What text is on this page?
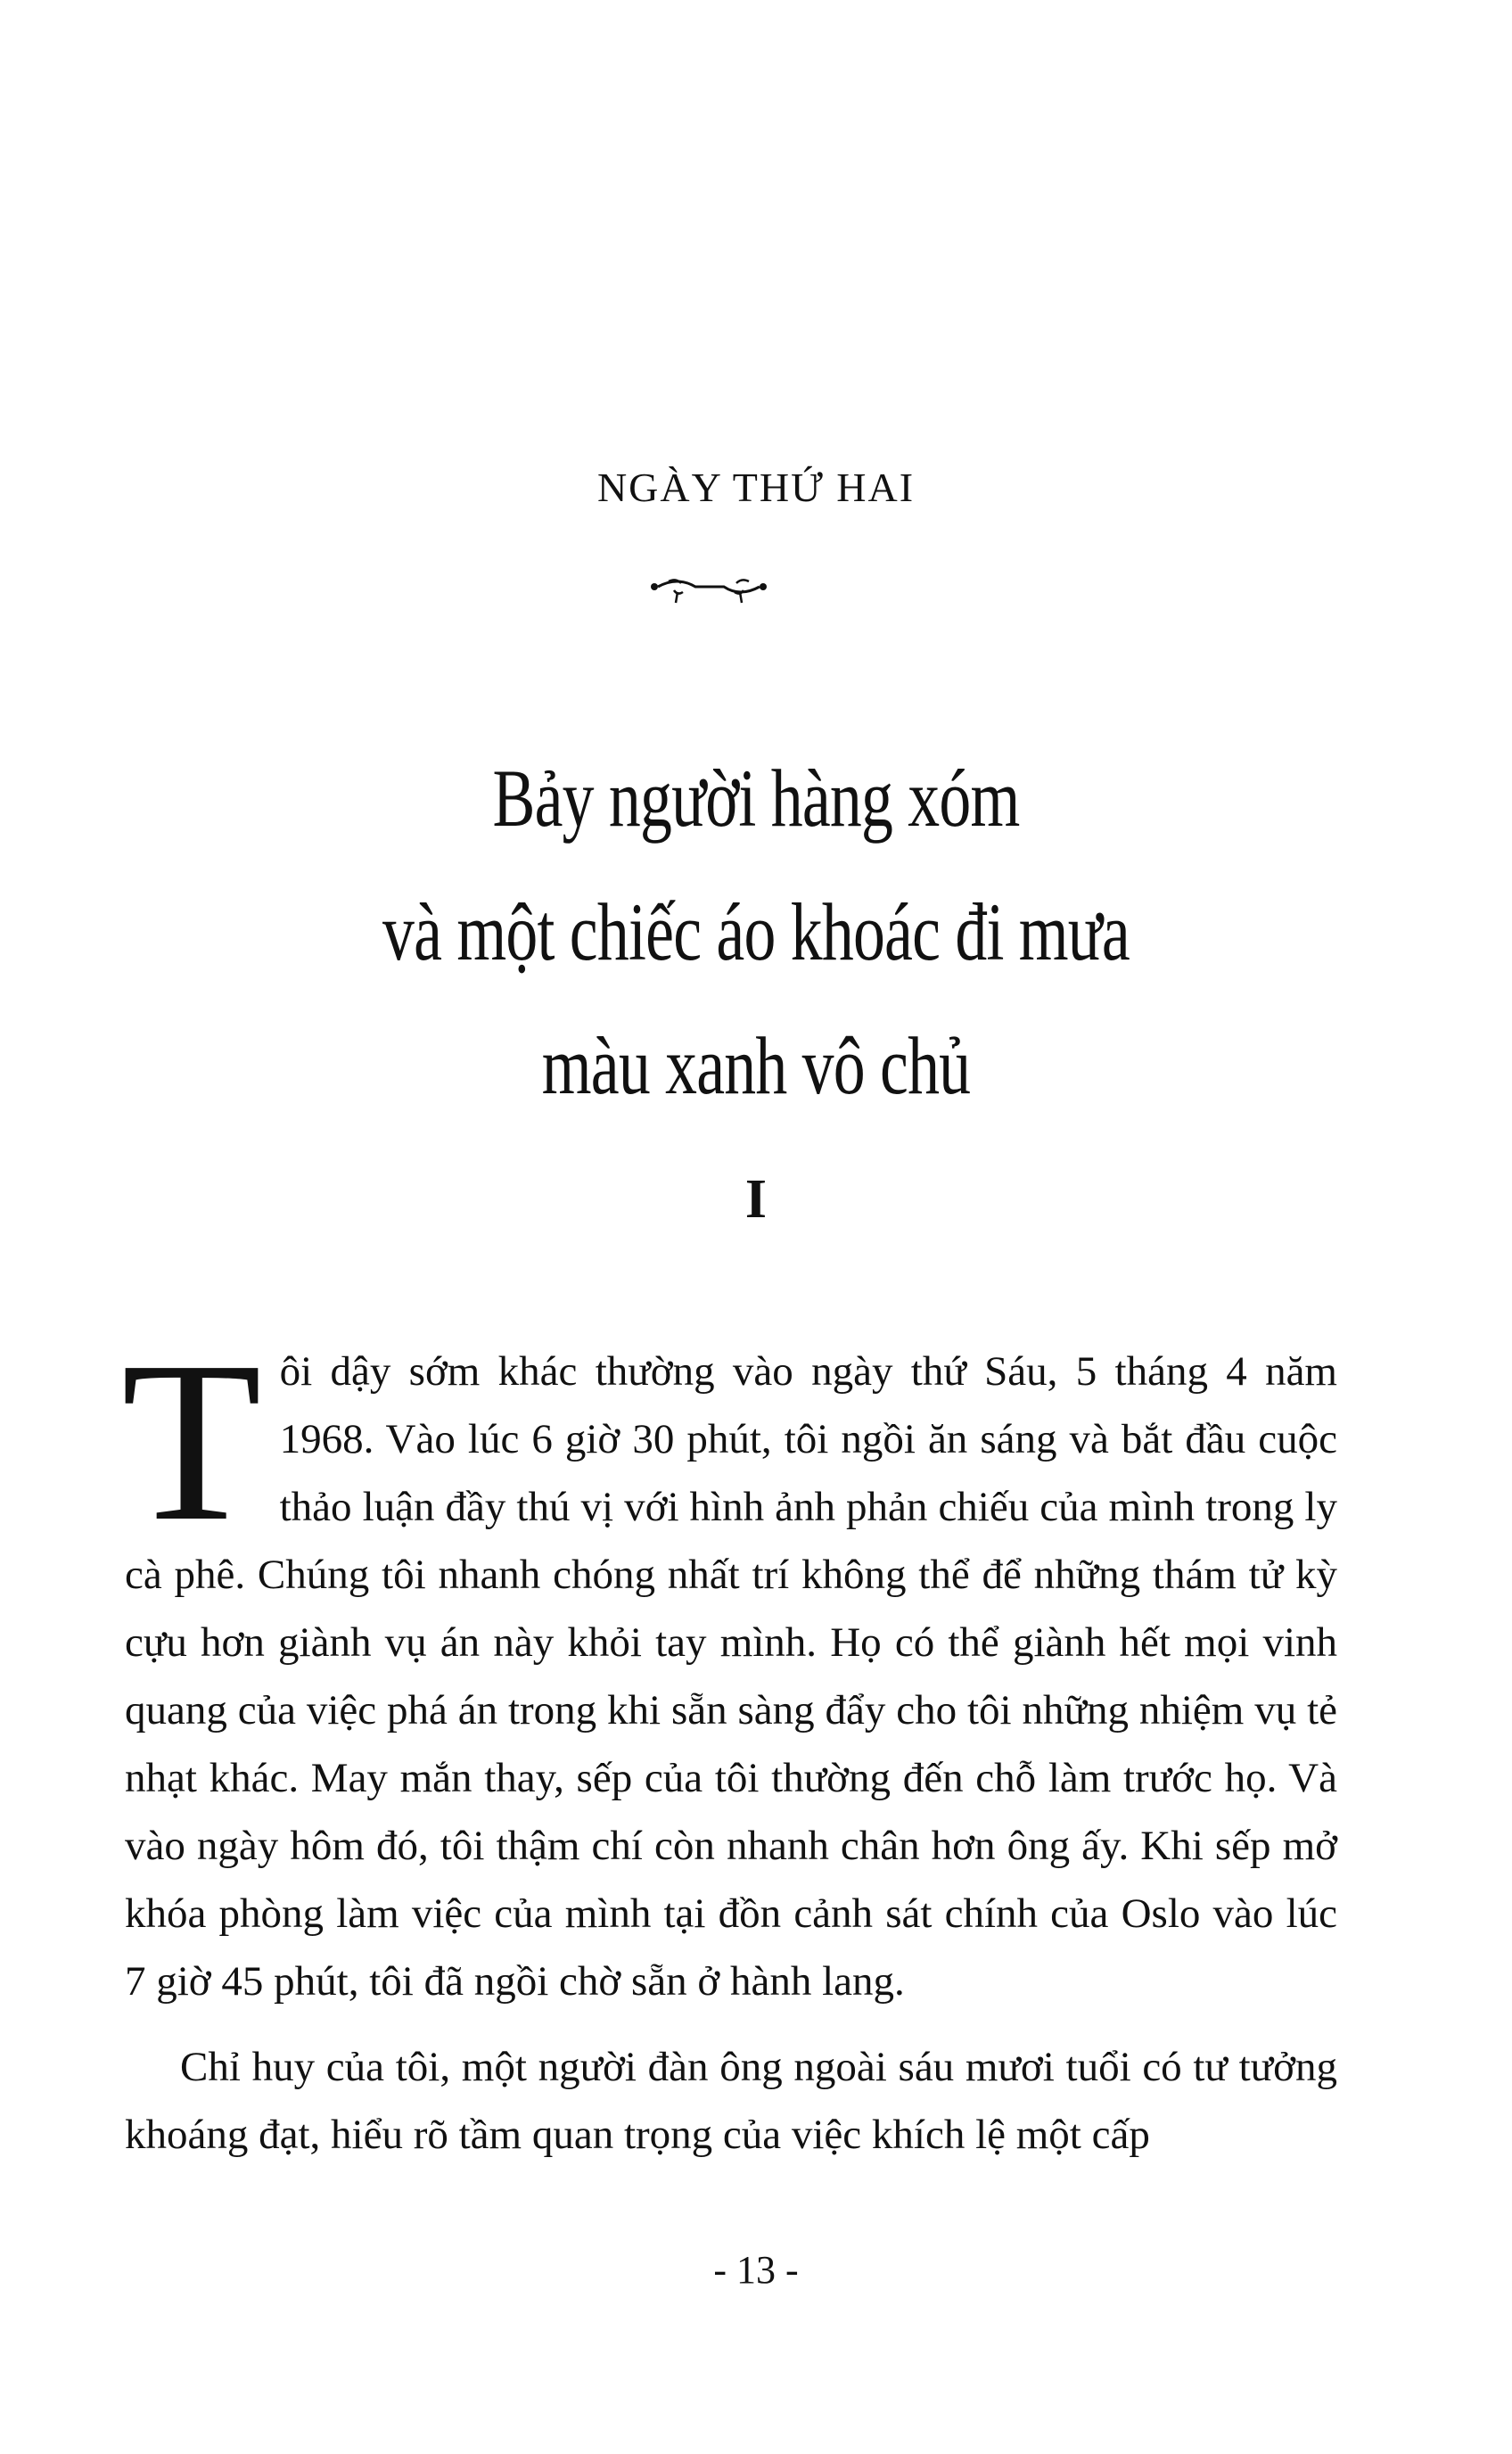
NGÀY THỨ HAI
Bảy người hàng xóm
và một chiếc áo khoác đi mưa
màu xanh vô chủ
I

Tôi dậy sớm khác thường vào ngày thứ Sáu, 5 tháng 4 năm 1968. Vào lúc 6 giờ 30 phút, tôi ngồi ăn sáng và bắt đầu cuộc thảo luận đầy thú vị với hình ảnh phản chiếu của mình trong ly cà phê. Chúng tôi nhanh chóng nhất trí không thể để những thám tử kỳ cựu hơn giành vụ án này khỏi tay mình. Họ có thể giành hết mọi vinh quang của việc phá án trong khi sẵn sàng đẩy cho tôi những nhiệm vụ tẻ nhạt khác. May mắn thay, sếp của tôi thường đến chỗ làm trước họ. Và vào ngày hôm đó, tôi thậm chí còn nhanh chân hơn ông ấy. Khi sếp mở khóa phòng làm việc của mình tại đồn cảnh sát chính của Oslo vào lúc 7 giờ 45 phút, tôi đã ngồi chờ sẵn ở hành lang.

Chỉ huy của tôi, một người đàn ông ngoài sáu mươi tuổi có tư tưởng khoáng đạt, hiểu rõ tầm quan trọng của việc khích lệ một cấp

- 13 -
